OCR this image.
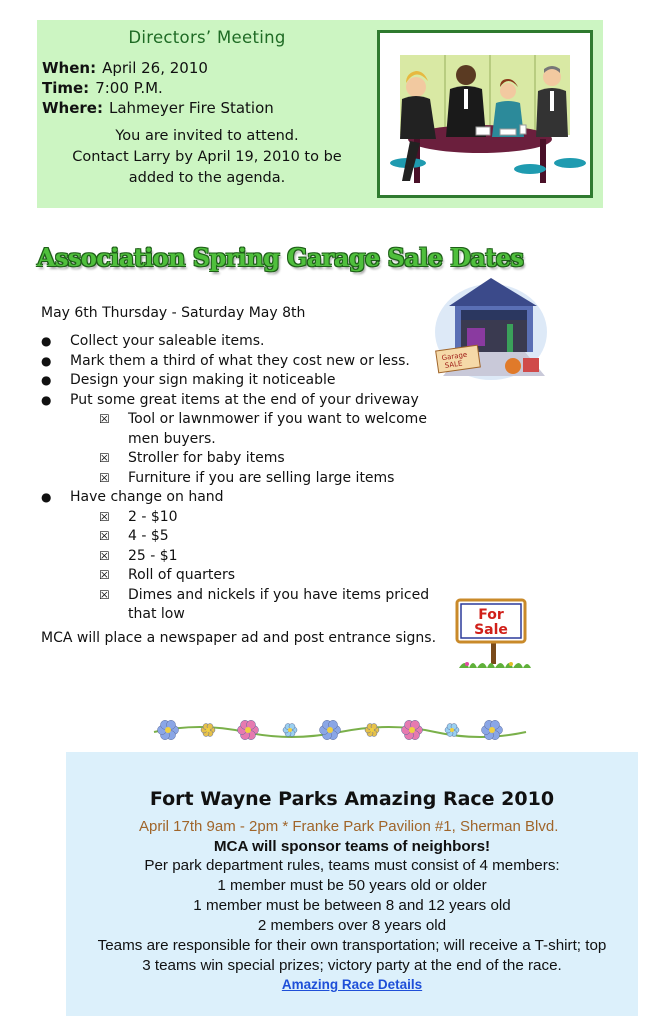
Directors’ Meeting
When: April 26, 2010
Time: 7:00 P.M.
Where: Lahmeyer Fire Station
You are invited to attend.
Contact Larry by April 19, 2010 to be
added to the agenda.
Association Spring Garage Sale Dates
May 6th Thursday - Saturday May 8th
●	Collect your saleable items.
●	Mark them a third of what they cost new or less.
●	Design your sign making it noticeable
●	Put some great items at the end of your driveway
☒	Tool or lawnmower if you want to welcome
men buyers.
☒	Stroller for baby items
☒	Furniture if you are selling large items
●	Have change on hand
☒	2 - $10
☒	4 - $5
☒	25 - $1
☒	Roll of quarters
☒	Dimes and nickels if you have items priced
that low
MCA will place a newspaper ad and post entrance signs.
Garage
SALE
For
Sale
Fort Wayne Parks Amazing Race 2010
April 17th 9am - 2pm * Franke Park Pavilion #1, Sherman Blvd.
MCA will sponsor teams of neighbors!
Per park department rules, teams must consist of 4 members:
1 member must be 50 years old or older
1 member must be between 8 and 12 years old
2 members over 8 years old
Teams are responsible for their own transportation; will receive a T-shirt; top
3 teams win special prizes; victory party at the end of the race.
Amazing Race Details
